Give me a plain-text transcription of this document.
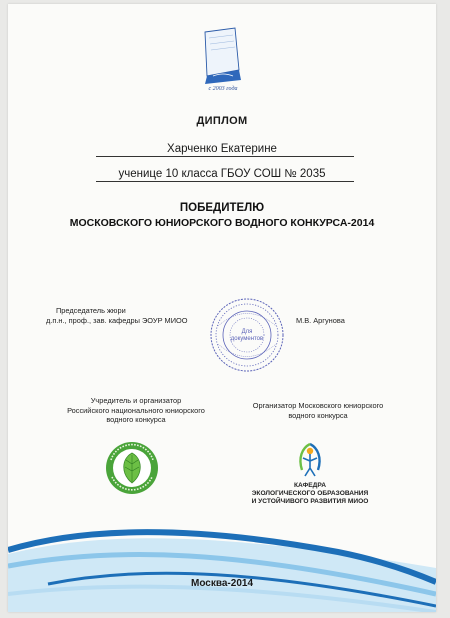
с 2003 года
ДИПЛОМ
Харченко Екатерине
ученице 10 класса ГБОУ СОШ № 2035
ПОБЕДИТЕЛЮ
МОСКОВСКОГО ЮНИОРСКОГО ВОДНОГО КОНКУРСА-2014
Председатель жюри
д.п.н., проф., зав. кафедры ЭОУР МИОО	М.В. Аргунова
Для документов
Учредитель и организатор
Российского национального юниорского
водного конкурса
Организатор Московского юниорского
водного конкурса
КАФЕДРА
ЭКОЛОГИЧЕСКОГО ОБРАЗОВАНИЯ
И УСТОЙЧИВОГО РАЗВИТИЯ МИОО
Москва-2014
